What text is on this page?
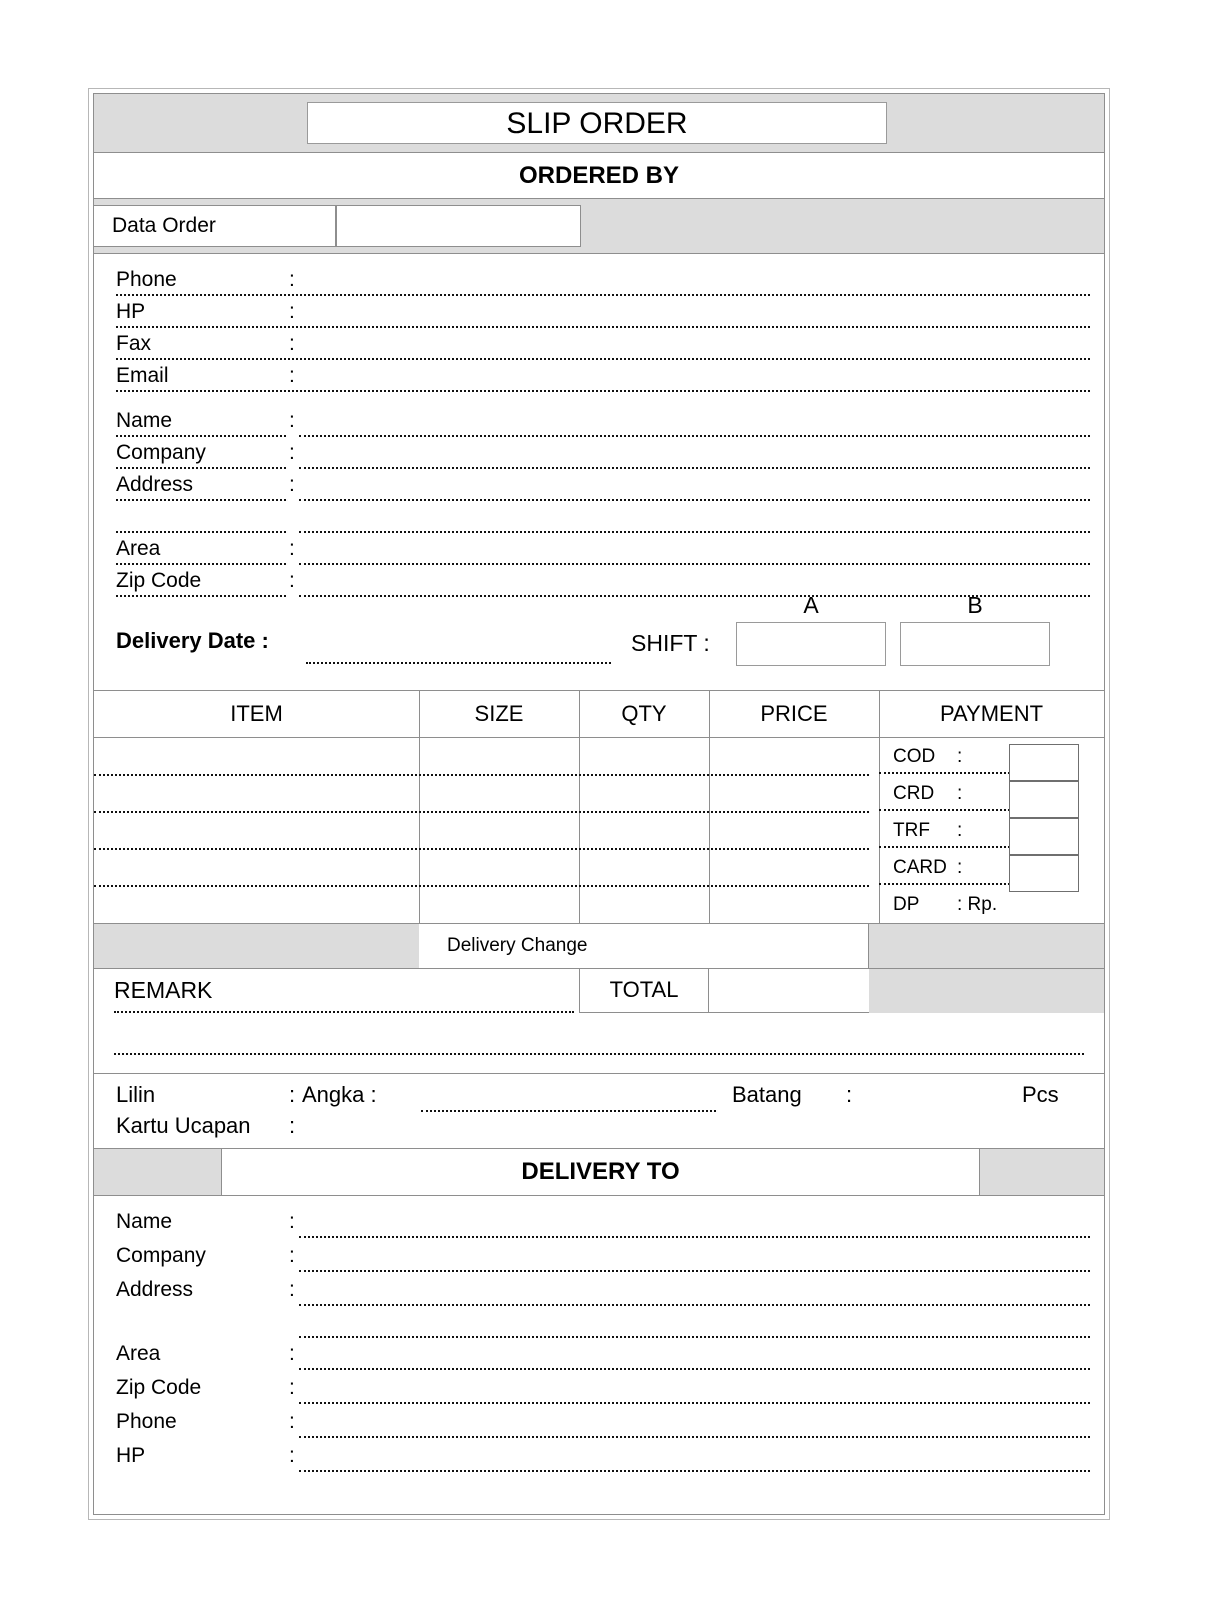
SLIP ORDER
ORDERED BY
Data Order
Phone	:
HP	:
Fax	:
Email	:
Name	:
Company	:
Address	:
Area	:
Zip Code	:
Delivery Date :	SHIFT :
A	B
ITEM	SIZE	QTY	PRICE	PAYMENT
COD :
CRD :
TRF :
CARD :
DP : Rp.
Delivery Change
REMARK	TOTAL
Lilin	: Angka :	Batang :	Pcs
Kartu Ucapan :
DELIVERY TO
Name	:
Company	:
Address	:
Area	:
Zip Code	:
Phone	:
HP	:
